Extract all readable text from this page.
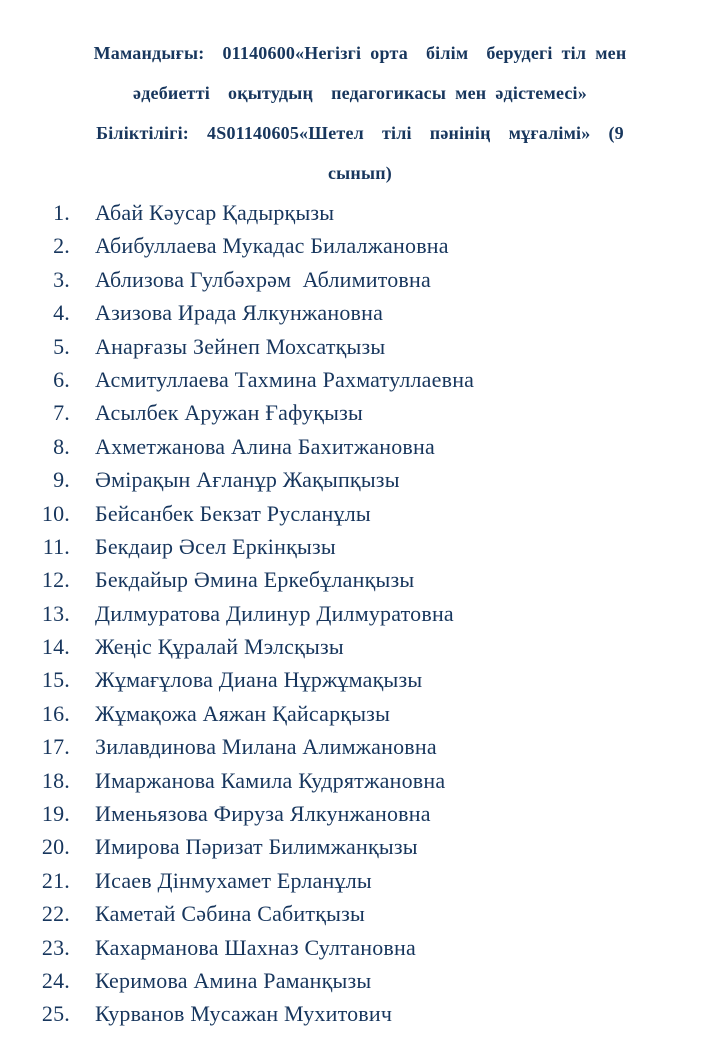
Мамандығы:  01140600«Негізгі орта  білім  берудегі тіл мен
әдебиетті  оқытудың  педагогикасы мен әдістемесі»
Біліктілігі:  4S01140605«Шетел  тілі  пәнінің  мұғалімі»  (9
сынып)
1. Абай Кәусар Қадырқызы
2. Абибуллаева Мукадас Билалжановна
3. Аблизова Гулбәхрәм  Аблимитовна
4. Азизова Ирада Ялкунжановна
5. Анарғазы Зейнеп Мохсатқызы
6. Асмитуллаева Тахмина Рахматуллаевна
7. Асылбек Аружан Ғафуқызы
8. Ахметжанова Алина Бахитжановна
9. Әмірақын Ағланұр Жақыпқызы
10. Бейсанбек Бекзат Русланұлы
11. Бекдаир Әсел Еркінқызы
12. Бекдайыр Әмина Еркебұланқызы
13. Дилмуратова Дилинур Дилмуратовна
14. Жеңіс Құралай Мэлсқызы
15. Жұмағұлова Диана Нұржұмақызы
16. Жұмақожа Аяжан Қайсарқызы
17. Зилавдинова Милана Алимжановна
18. Имаржанова Камила Кудрятжановна
19. Именьязова Фируза Ялкунжановна
20. Имирова Пәризат Билимжанқызы
21. Исаев Дінмухамет Ерланұлы
22. Каметай Сәбина Сабитқызы
23. Кахарманова Шахназ Султановна
24. Керимова Амина Раманқызы
25. Курванов Мусажан Мухитович
